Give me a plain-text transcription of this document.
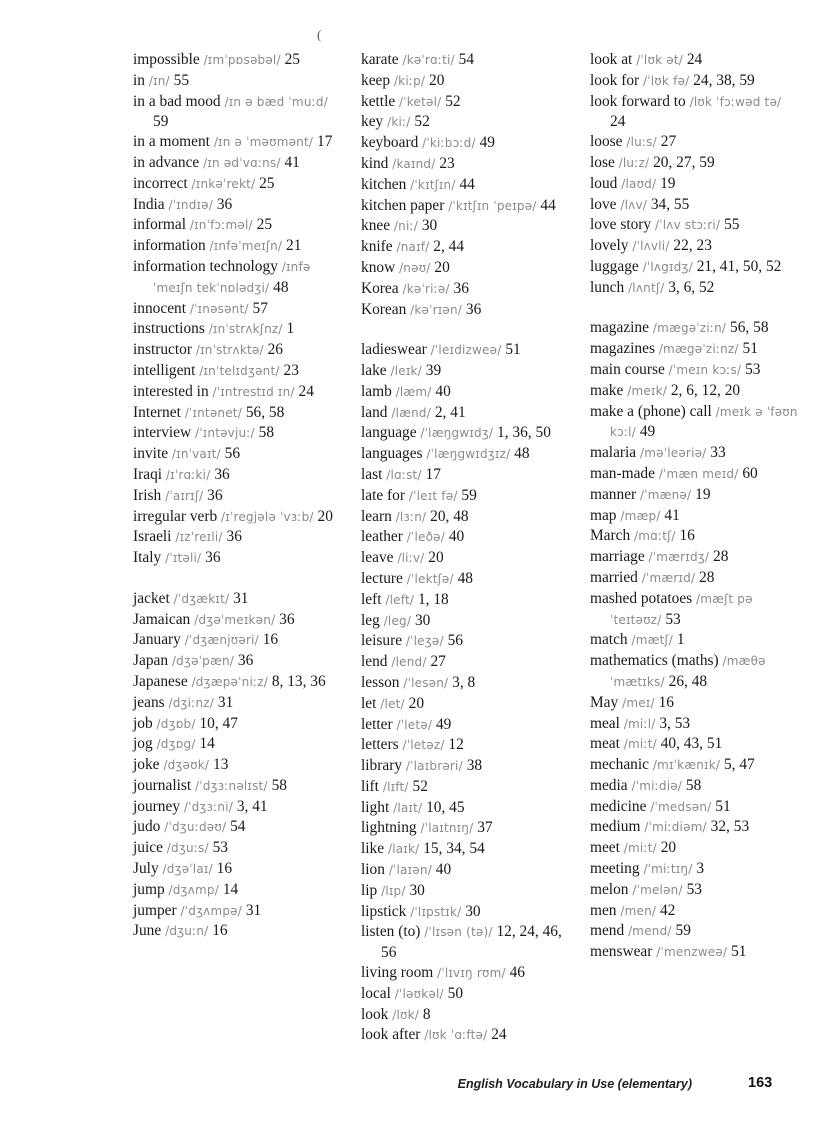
(
impossible /ɪmˈpɒsəbəl/ 25
in /ɪn/ 55
in a bad mood /ɪn ə bæd ˈmuːd/ 59
in a moment /ɪn ə ˈməʊmənt/ 17
in advance /ɪn ədˈvɑːns/ 41
incorrect /ɪnkəˈrekt/ 25
India /ˈɪndɪə/ 36
informal /ɪnˈfɔːməl/ 25
information /ɪnfəˈmeɪʃn/ 21
information technology /ɪnfəˈmeɪʃn tekˈnɒlədʒi/ 48
innocent /ˈɪnəsənt/ 57
instructions /ɪnˈstrʌkʃnz/ 1
instructor /ɪnˈstrʌktə/ 26
intelligent /ɪnˈtelɪdʒənt/ 23
interested in /ˈɪntrestɪd ɪn/ 24
Internet /ˈɪntənet/ 56, 58
interview /ˈɪntəvjuː/ 58
invite /ɪnˈvaɪt/ 56
Iraqi /ɪˈrɑːki/ 36
Irish /ˈaɪrɪʃ/ 36
irregular verb /ɪˈregjələ ˈvɜːb/ 20
Israeli /ɪzˈreɪli/ 36
Italy /ˈɪtəli/ 36
jacket /ˈdʒækɪt/ 31
Jamaican /dʒəˈmeɪkən/ 36
January /ˈdʒænjʊəri/ 16
Japan /dʒəˈpæn/ 36
Japanese /dʒæpəˈniːz/ 8, 13, 36
jeans /dʒiːnz/ 31
job /dʒɒb/ 10, 47
jog /dʒɒg/ 14
joke /dʒəʊk/ 13
journalist /ˈdʒɜːnəlɪst/ 58
journey /ˈdʒɜːni/ 3, 41
judo /ˈdʒuːdəʊ/ 54
juice /dʒuːs/ 53
July /dʒəˈlaɪ/ 16
jump /dʒʌmp/ 14
jumper /ˈdʒʌmpə/ 31
June /dʒuːn/ 16
karate /kəˈrɑːti/ 54
keep /kiːp/ 20
kettle /ˈketəl/ 52
key /kiː/ 52
keyboard /ˈkiːbɔːd/ 49
kind /kaɪnd/ 23
kitchen /ˈkɪtʃɪn/ 44
kitchen paper /ˈkɪtʃɪn ˈpeɪpə/ 44
knee /niː/ 30
knife /naɪf/ 2, 44
know /nəʊ/ 20
Korea /kəˈriːə/ 36
Korean /kəˈrɪən/ 36
ladieswear /ˈleɪdizweə/ 51
lake /leɪk/ 39
lamb /læm/ 40
land /lænd/ 2, 41
language /ˈlæŋgwɪdʒ/ 1, 36, 50
languages /ˈlæŋgwɪdʒɪz/ 48
last /lɑːst/ 17
late for /ˈleɪt fə/ 59
learn /lɜːn/ 20, 48
leather /ˈleðə/ 40
leave /liːv/ 20
lecture /ˈlektʃə/ 48
left /left/ 1, 18
leg /leg/ 30
leisure /ˈleʒə/ 56
lend /lend/ 27
lesson /ˈlesən/ 3, 8
let /let/ 20
letter /ˈletə/ 49
letters /ˈletəz/ 12
library /ˈlaɪbrəri/ 38
lift /lɪft/ 52
light /laɪt/ 10, 45
lightning /ˈlaɪtnɪŋ/ 37
like /laɪk/ 15, 34, 54
lion /ˈlaɪən/ 40
lip /lɪp/ 30
lipstick /ˈlɪpstɪk/ 30
listen (to) /ˈlɪsən (tə)/ 12, 24, 46, 56
living room /ˈlɪvɪŋ rʊm/ 46
local /ˈləʊkəl/ 50
look /lʊk/ 8
look after /lʊk ˈɑːftə/ 24
look at /ˈlʊk ət/ 24
look for /ˈlʊk fə/ 24, 38, 59
look forward to /lʊk ˈfɔːwəd tə/ 24
loose /luːs/ 27
lose /luːz/ 20, 27, 59
loud /laʊd/ 19
love /lʌv/ 34, 55
love story /ˈlʌv stɔːri/ 55
lovely /ˈlʌvli/ 22, 23
luggage /ˈlʌgɪdʒ/ 21, 41, 50, 52
lunch /lʌntʃ/ 3, 6, 52
magazine /mægəˈziːn/ 56, 58
magazines /mægəˈziːnz/ 51
main course /ˈmeɪn kɔːs/ 53
make /meɪk/ 2, 6, 12, 20
make a (phone) call /meɪk ə ˈfəʊn kɔːl/ 49
malaria /məˈleəriə/ 33
man-made /ˈmæn meɪd/ 60
manner /ˈmænə/ 19
map /mæp/ 41
March /mɑːtʃ/ 16
marriage /ˈmærɪdʒ/ 28
married /ˈmærɪd/ 28
mashed potatoes /mæʃt pəˈteɪtəʊz/ 53
match /mætʃ/ 1
mathematics (maths) /mæθəˈmætɪks/ 26, 48
May /meɪ/ 16
meal /miːl/ 3, 53
meat /miːt/ 40, 43, 51
mechanic /mɪˈkænɪk/ 5, 47
media /ˈmiːdiə/ 58
medicine /ˈmedsən/ 51
medium /ˈmiːdiəm/ 32, 53
meet /miːt/ 20
meeting /ˈmiːtɪŋ/ 3
melon /ˈmelən/ 53
men /men/ 42
mend /mend/ 59
menswear /ˈmenzweə/ 51
English Vocabulary in Use (elementary)	163
